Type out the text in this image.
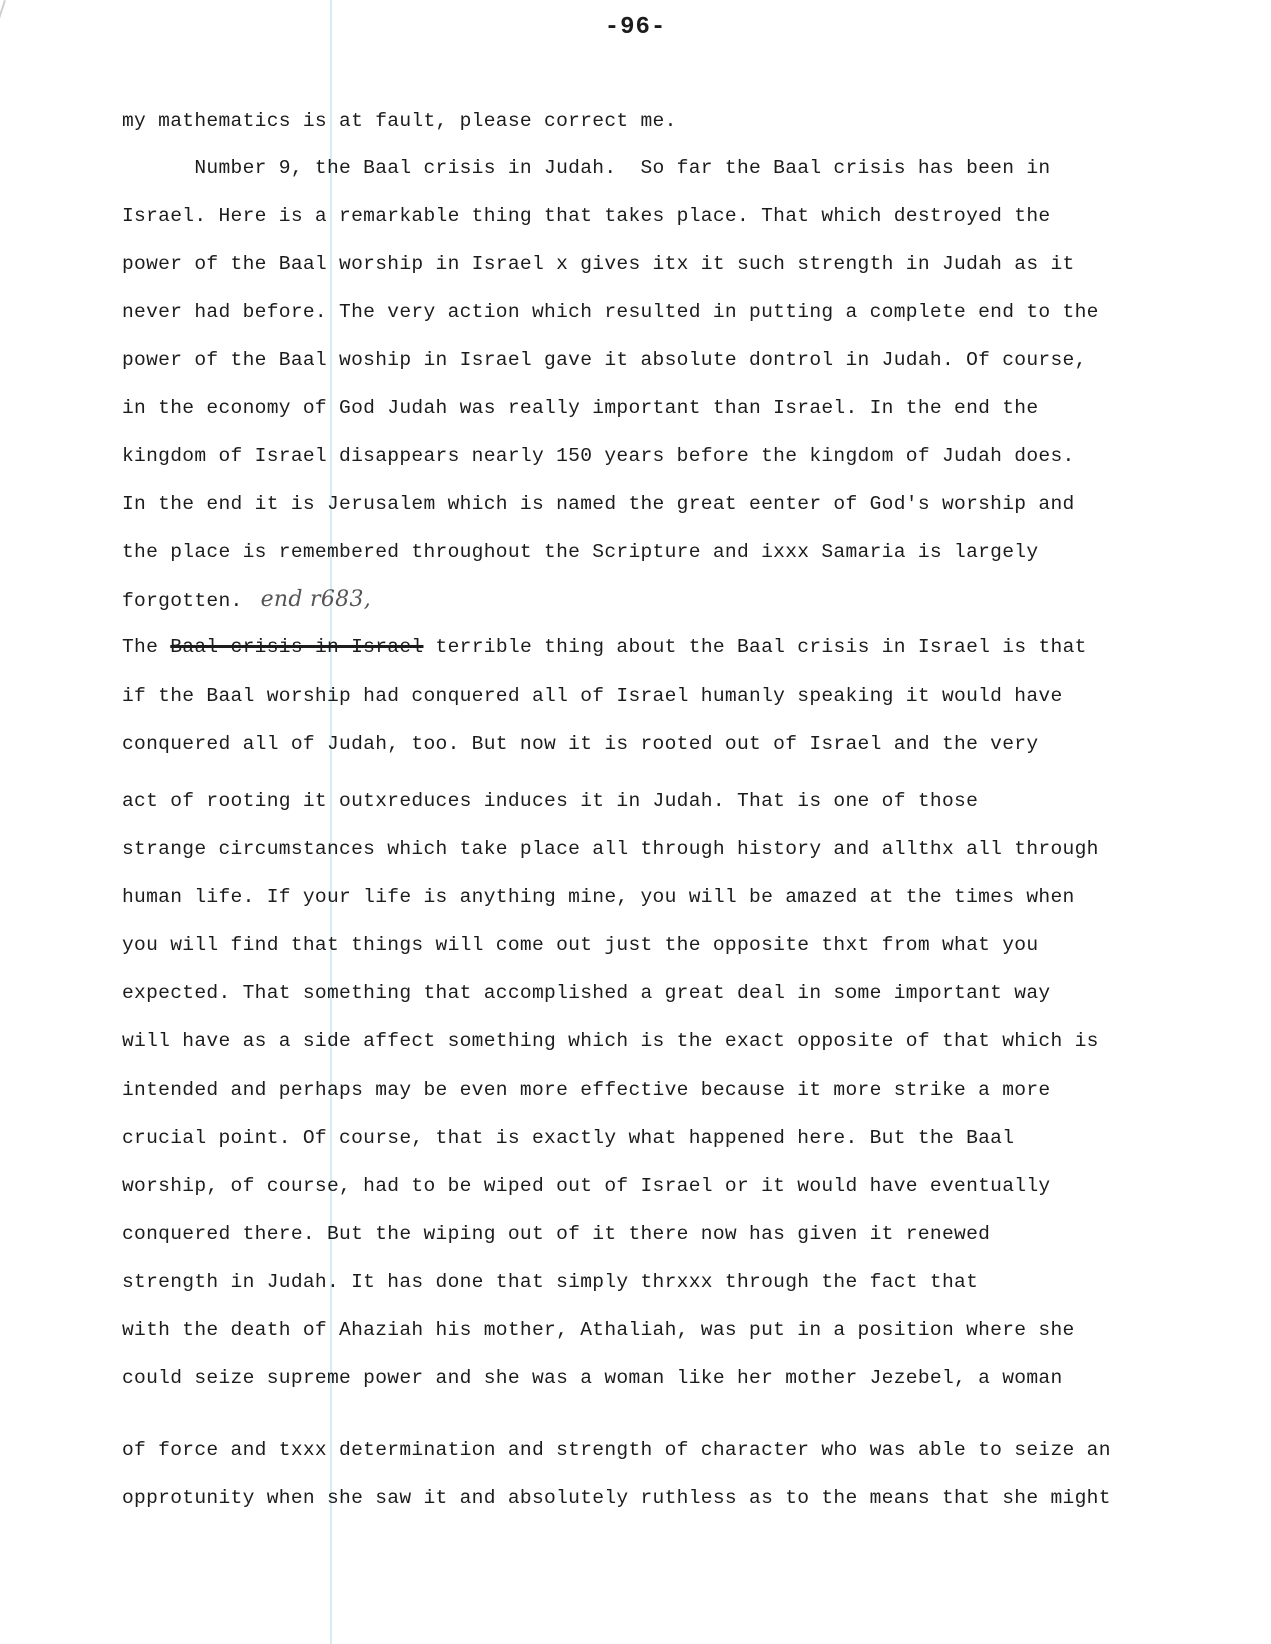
-96-
my mathematics is at fault, please correct me.
Number 9, the Baal crisis in Judah.  So far the Baal crisis has been in
Israel. Here is a remarkable thing that takes place. That which destroyed the
power of the Baal worship in Israel x gives itx it such strength in Judah as it
never had before. The very action which resulted in putting a complete end to the
power of the Baal woship in Israel gave it absolute dontrol in Judah. Of course,
in the economy of God Judah was really important than Israel. In the end the
kingdom of Israel disappears nearly 150 years before the kingdom of Judah does.
In the end it is Jerusalem which is named the great eenter of God's worship and
the place is remembered throughout the Scripture and ixxx Samaria is largely
forgotten. end r683,
The Baal crisis in Israel terrible thing about the Baal crisis in Israel is that
if the Baal worship had conquered all of Israel humanly speaking it would have
conquered all of Judah, too. But now it is rooted out of Israel and the very
act of rooting it outxreduces induces it in Judah. That is one of those
strange circumstances which take place all through history and allthx all through
human life. If your life is anything mine, you will be amazed at the times when
you will find that things will come out just the opposite thxt from what you
expected. That something that accomplished a great deal in some important way
will have as a side affect something which is the exact opposite of that which is
intended and perhaps may be even more effective because it more strike a more
crucial point. Of course, that is exactly what happened here. But the Baal
worship, of course, had to be wiped out of Israel or it would have eventually
conquered there. But the wiping out of it there now has given it renewed
strength in Judah. It has done that simply thrxxx through the fact that
with the death of Ahaziah his mother, Athaliah, was put in a position where she
could seize supreme power and she was a woman like her mother Jezebel, a woman
of force and txxx determination and strength of character who was able to seize an
opprotunity when she saw it and absolutely ruthless as to the means that she might
